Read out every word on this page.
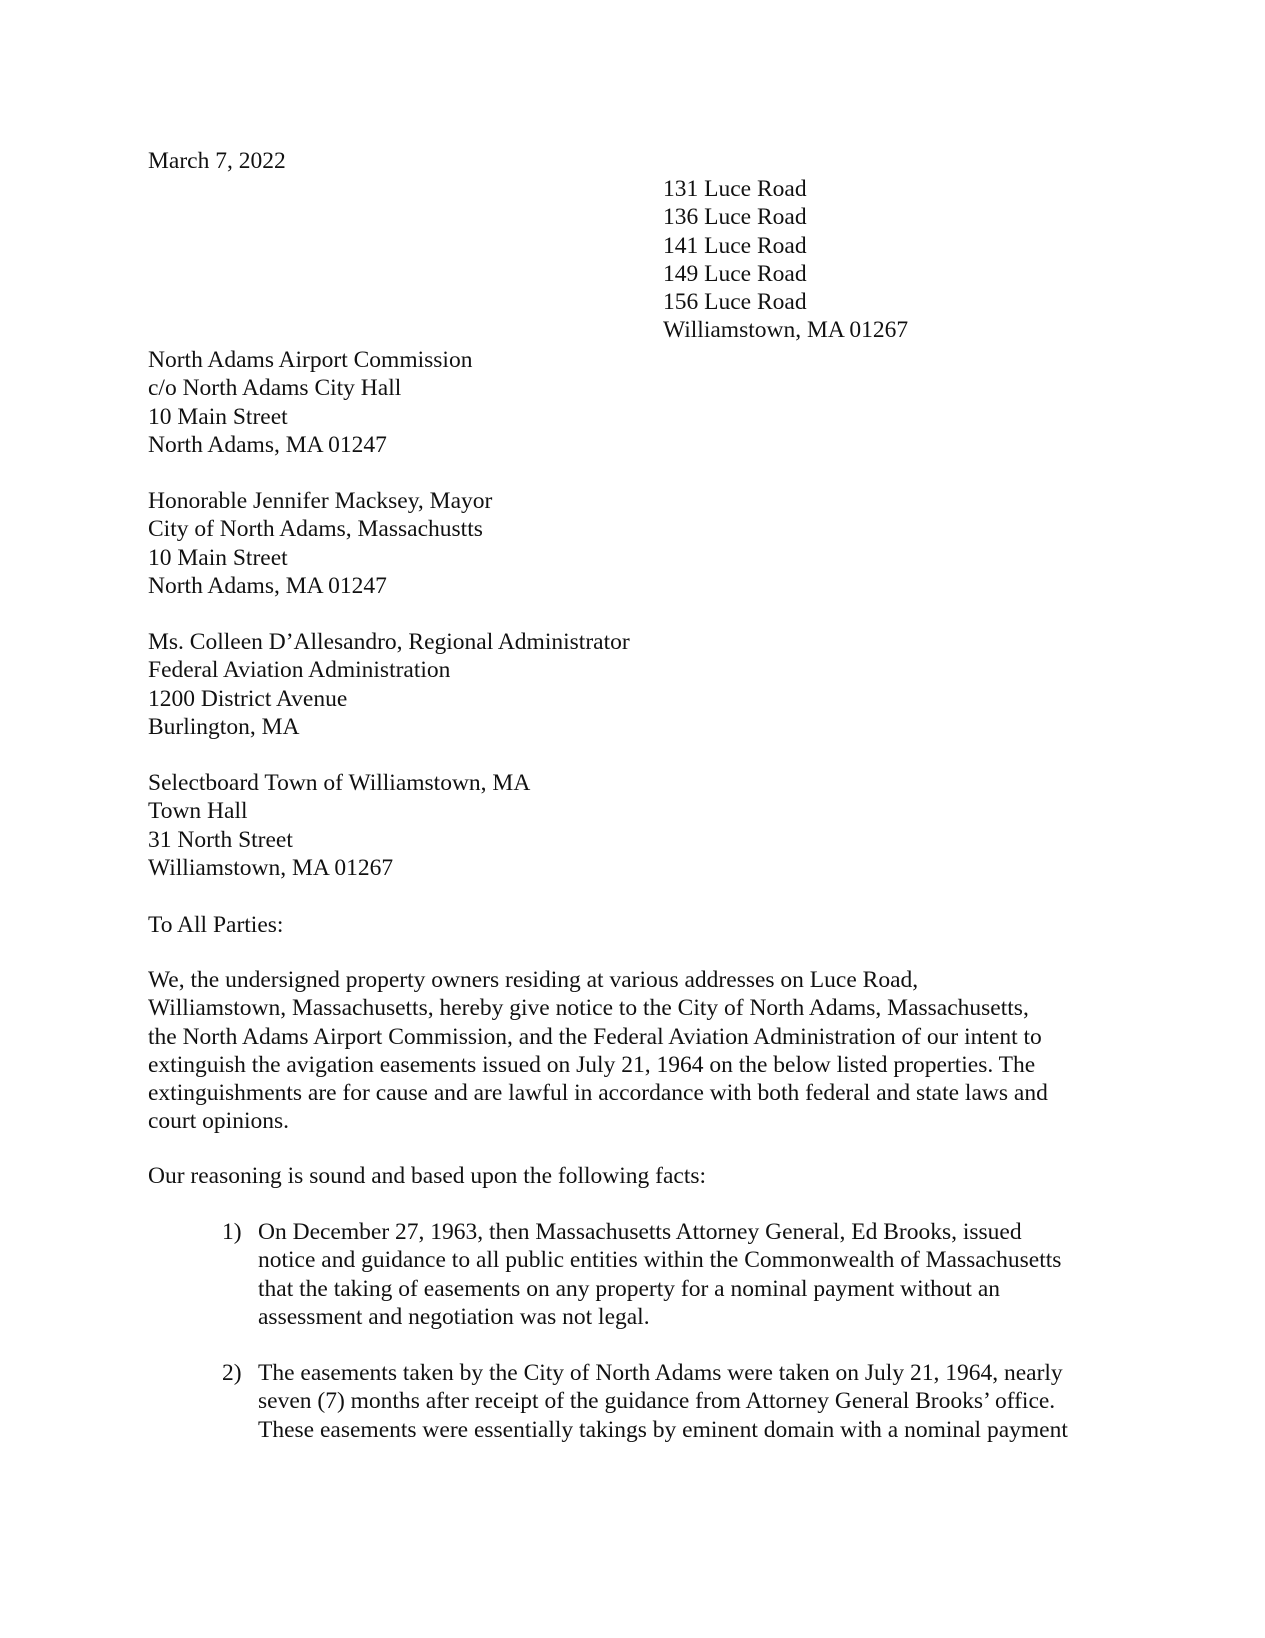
March 7, 2022
131 Luce Road
136 Luce Road
141 Luce Road
149 Luce Road
156 Luce Road
Williamstown, MA 01267
North Adams Airport Commission
c/o North Adams City Hall
10 Main Street
North Adams, MA 01247
Honorable Jennifer Macksey, Mayor
City of North Adams, Massachustts
10 Main Street
North Adams, MA 01247
Ms. Colleen D’Allesandro, Regional Administrator
Federal Aviation Administration
1200 District Avenue
Burlington, MA
Selectboard Town of Williamstown, MA
Town Hall
31 North Street
Williamstown, MA 01267
To All Parties:
We, the undersigned property owners residing at various addresses on Luce Road,
Williamstown, Massachusetts, hereby give notice to the City of North Adams, Massachusetts,
the North Adams Airport Commission, and the Federal Aviation Administration of our intent to
extinguish the avigation easements issued on July 21, 1964 on the below listed properties. The
extinguishments are for cause and are lawful in accordance with both federal and state laws and
court opinions.
Our reasoning is sound and based upon the following facts:
1) On December 27, 1963, then Massachusetts Attorney General, Ed Brooks, issued
notice and guidance to all public entities within the Commonwealth of Massachusetts
that the taking of easements on any property for a nominal payment without an
assessment and negotiation was not legal.
2) The easements taken by the City of North Adams were taken on July 21, 1964, nearly
seven (7) months after receipt of the guidance from Attorney General Brooks’ office.
These easements were essentially takings by eminent domain with a nominal payment
